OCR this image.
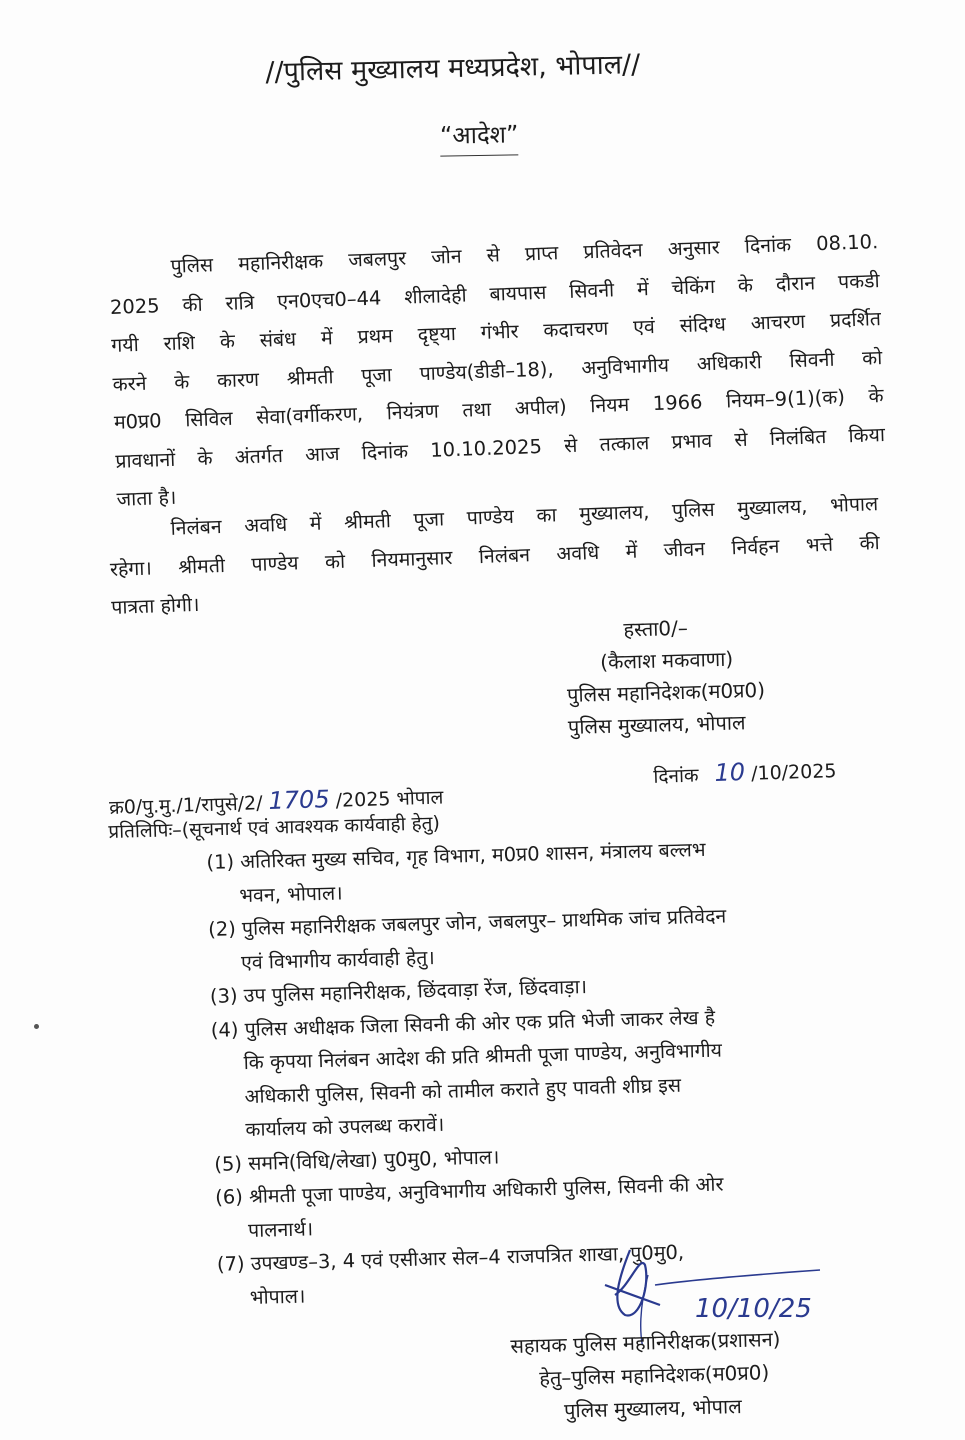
//पुलिस मुख्यालय मध्यप्रदेश, भोपाल//
“आदेश”
पुलिस महानिरीक्षक जबलपुर जोन से प्राप्त प्रतिवेदन अनुसार दिनांक 08.10.
2025 की रात्रि एन0एच0–44 शीलादेही बायपास सिवनी में चेकिंग के दौरान पकडी
गयी राशि के संबंध में प्रथम दृष्ट्या गंभीर कदाचरण एवं संदिग्ध आचरण प्रदर्शित
करने के कारण श्रीमती पूजा पाण्डेय(डीडी–18), अनुविभागीय अधिकारी सिवनी को
म0प्र0 सिविल सेवा(वर्गीकरण, नियंत्रण तथा अपील) नियम 1966 नियम–9(1)(क) के
प्रावधानों के अंतर्गत आज दिनांक 10.10.2025 से तत्काल प्रभाव से निलंबित किया
जाता है।
निलंबन अवधि में श्रीमती पूजा पाण्डेय का मुख्यालय, पुलिस मुख्यालय, भोपाल
रहेगा। श्रीमती पाण्डेय को नियमानुसार निलंबन अवधि में जीवन निर्वहन भत्ते की
पात्रता होगी।
हस्ता0/–
(कैलाश मकवाणा)
पुलिस महानिदेशक(म0प्र0)
पुलिस मुख्यालय, भोपाल
क्र0/पु.मु./1/रापुसे/2/ 1705 /2025 भोपाल
दिनांक 10 /10/2025
प्रतिलिपिः–(सूचनार्थ एवं आवश्यक कार्यवाही हेतु)
(1) अतिरिक्त मुख्य सचिव, गृह विभाग, म0प्र0 शासन, मंत्रालय बल्लभ
भवन, भोपाल।
(2) पुलिस महानिरीक्षक जबलपुर जोन, जबलपुर– प्राथमिक जांच प्रतिवेदन
एवं विभागीय कार्यवाही हेतु।
(3) उप पुलिस महानिरीक्षक, छिंदवाड़ा रेंज, छिंदवाड़ा।
(4) पुलिस अधीक्षक जिला सिवनी की ओर एक प्रति भेजी जाकर लेख है
कि कृपया निलंबन आदेश की प्रति श्रीमती पूजा पाण्डेय, अनुविभागीय
अधिकारी पुलिस, सिवनी को तामील कराते हुए पावती शीघ्र इस
कार्यालय को उपलब्ध करावें।
(5) समनि(विधि/लेखा) पु0मु0, भोपाल।
(6) श्रीमती पूजा पाण्डेय, अनुविभागीय अधिकारी पुलिस, सिवनी की ओर
पालनार्थ।
(7) उपखण्ड–3, 4 एवं एसीआर सेल–4 राजपत्रित शाखा, पु0मु0,
भोपाल।	10/10/25
सहायक पुलिस महानिरीक्षक(प्रशासन)
हेतु–पुलिस महानिदेशक(म0प्र0)
पुलिस मुख्यालय, भोपाल
